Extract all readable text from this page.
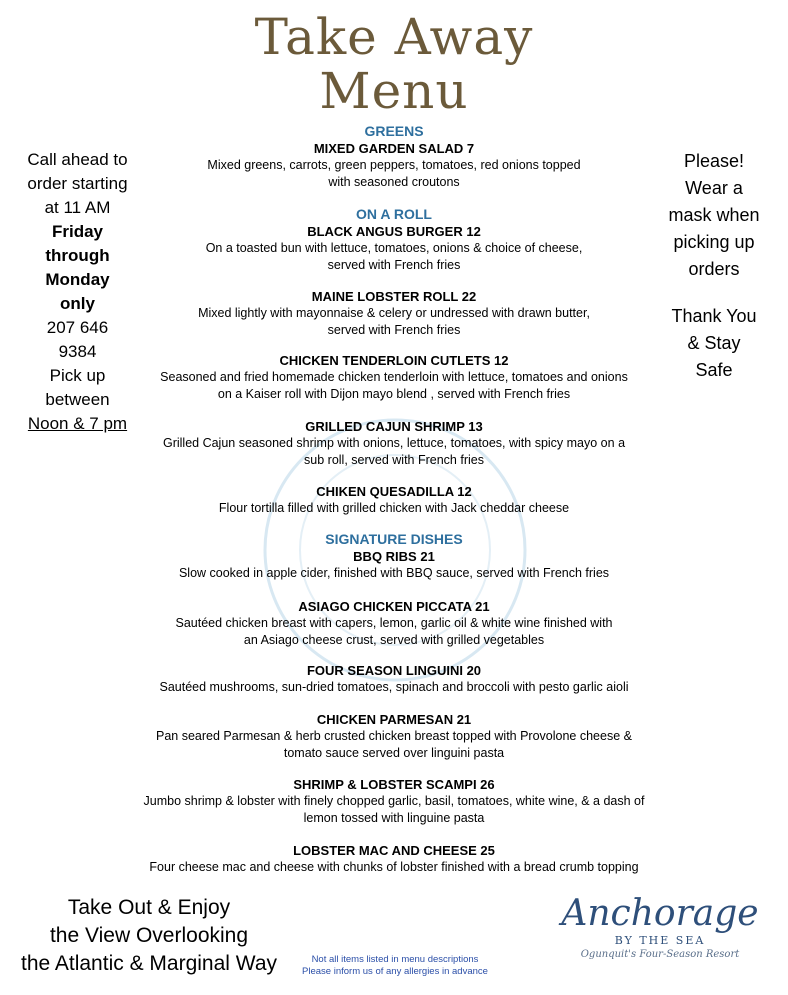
Take Away
Menu
Call ahead to
order starting
at 11 AM
Friday
through
Monday
only
207 646
9384
Pick up
between
Noon & 7 pm
Please!
Wear a
mask when
picking up
orders
Thank You
& Stay
Safe
GREENS
MIXED GARDEN SALAD 7
Mixed greens, carrots, green peppers, tomatoes, red onions topped
with seasoned croutons
ON A ROLL
BLACK ANGUS BURGER 12
On a toasted bun with lettuce, tomatoes, onions & choice of cheese,
served with French fries
MAINE LOBSTER ROLL 22
Mixed lightly with mayonnaise & celery or undressed with drawn butter,
served with French fries
CHICKEN TENDERLOIN CUTLETS 12
Seasoned and fried homemade chicken tenderloin with lettuce, tomatoes and onions
on a Kaiser roll with Dijon mayo blend , served with French fries
GRILLED CAJUN SHRIMP 13
Grilled Cajun seasoned shrimp with onions, lettuce, tomatoes, with spicy mayo on a
sub roll, served with French fries
CHIKEN QUESADILLA 12
Flour tortilla filled with grilled chicken with Jack cheddar cheese
SIGNATURE DISHES
BBQ RIBS 21
Slow cooked in apple cider, finished with BBQ sauce, served with French fries
ASIAGO CHICKEN PICCATA 21
Sautéed chicken breast with capers, lemon, garlic oil & white wine finished with
an Asiago cheese crust, served with grilled vegetables
FOUR SEASON LINGUINI 20
Sautéed mushrooms, sun-dried tomatoes, spinach and broccoli with pesto garlic aioli
CHICKEN PARMESAN 21
Pan seared Parmesan & herb crusted chicken breast topped with Provolone cheese &
tomato sauce served over linguini pasta
SHRIMP & LOBSTER SCAMPI 26
Jumbo shrimp & lobster with finely chopped garlic, basil, tomatoes, white wine, & a dash of
lemon tossed with linguine pasta
LOBSTER MAC AND CHEESE 25
Four cheese mac and cheese with chunks of lobster finished with a bread crumb topping
Take Out & Enjoy
the View Overlooking
the Atlantic & Marginal Way	Not all items listed in menu descriptions
Please inform us of any allergies in advance
Anchorage
BY THE SEA
Ogunquit's Four-Season Resort
